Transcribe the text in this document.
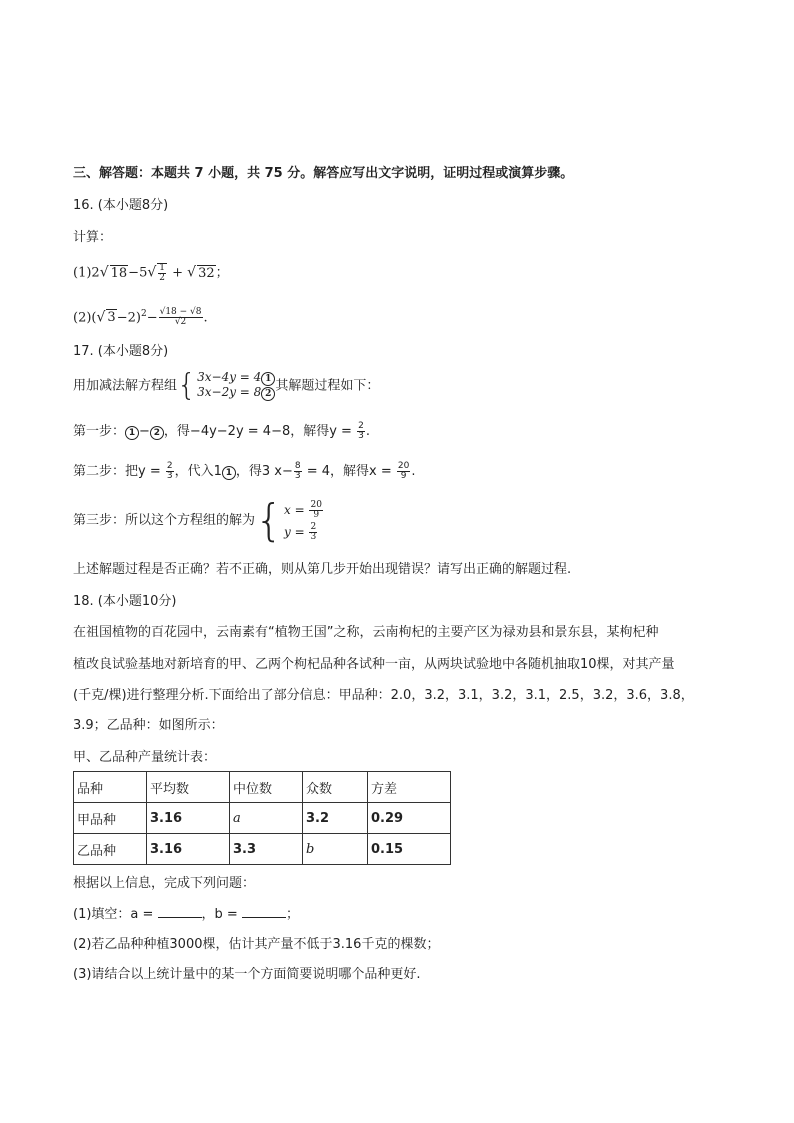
三、解答题：本题共 7 小题，共 75 分。解答应写出文字说明，证明过程或演算步骤。
16. (本小题8分)
计算：
(1)2√ $18-5√ \frac{1}{2}$ + √ 32；
(2)(√ $3-2)^2- \frac{√18 - √8}{√2}$ .
17. (本小题8分)
用加减法解方程组{3x−4y = 4 1
3x−2y = 8 2其解题过程如下：
第一步： 1 − 2 ，得−4y−2y = 4−8，解得$y = \frac{2}{3}$ .
第二步：把$y = \frac{2}{3}$ ，代入1 1 ，得3 $x- \frac{8}{3} = 4$，解得$x = \frac{20}{9}$ .
第三步：所以这个方程组的解为{$x = \frac{20}{9}$

$y = \frac{2}{3}$
上述解题过程是否正确？若不正确，则从第几步开始出现错误？请写出正确的解题过程.
18. (本小题10分)
在祖国植物的百花园中，云南素有“植物王国”之称，云南枸杞的主要产区为禄劝县和景东县，某枸杞种
植改良试验基地对新培育的甲、乙两个枸杞品种各试种一亩，从两块试验地中各随机抽取10棵，对其产量
(千克/棵)进行整理分析.下面给出了部分信息：甲品种：2.0，3.2，3.1，3.2，3.1，2.5，3.2，3.6，3.8，
3.9；乙品种：如图所示：
甲、乙品种产量统计表：
品种	平均数	中位数	众数	方差
甲品种	3.16	a	3.2	0.29
乙品种	3.16	3.3	b	0.15
根据以上信息，完成下列问题：
(1)填空：a =	，b =	；
(2)若乙品种种植3000棵，估计其产量不低于3.16千克的棵数；
(3)请结合以上统计量中的某一个方面简要说明哪个品种更好.
